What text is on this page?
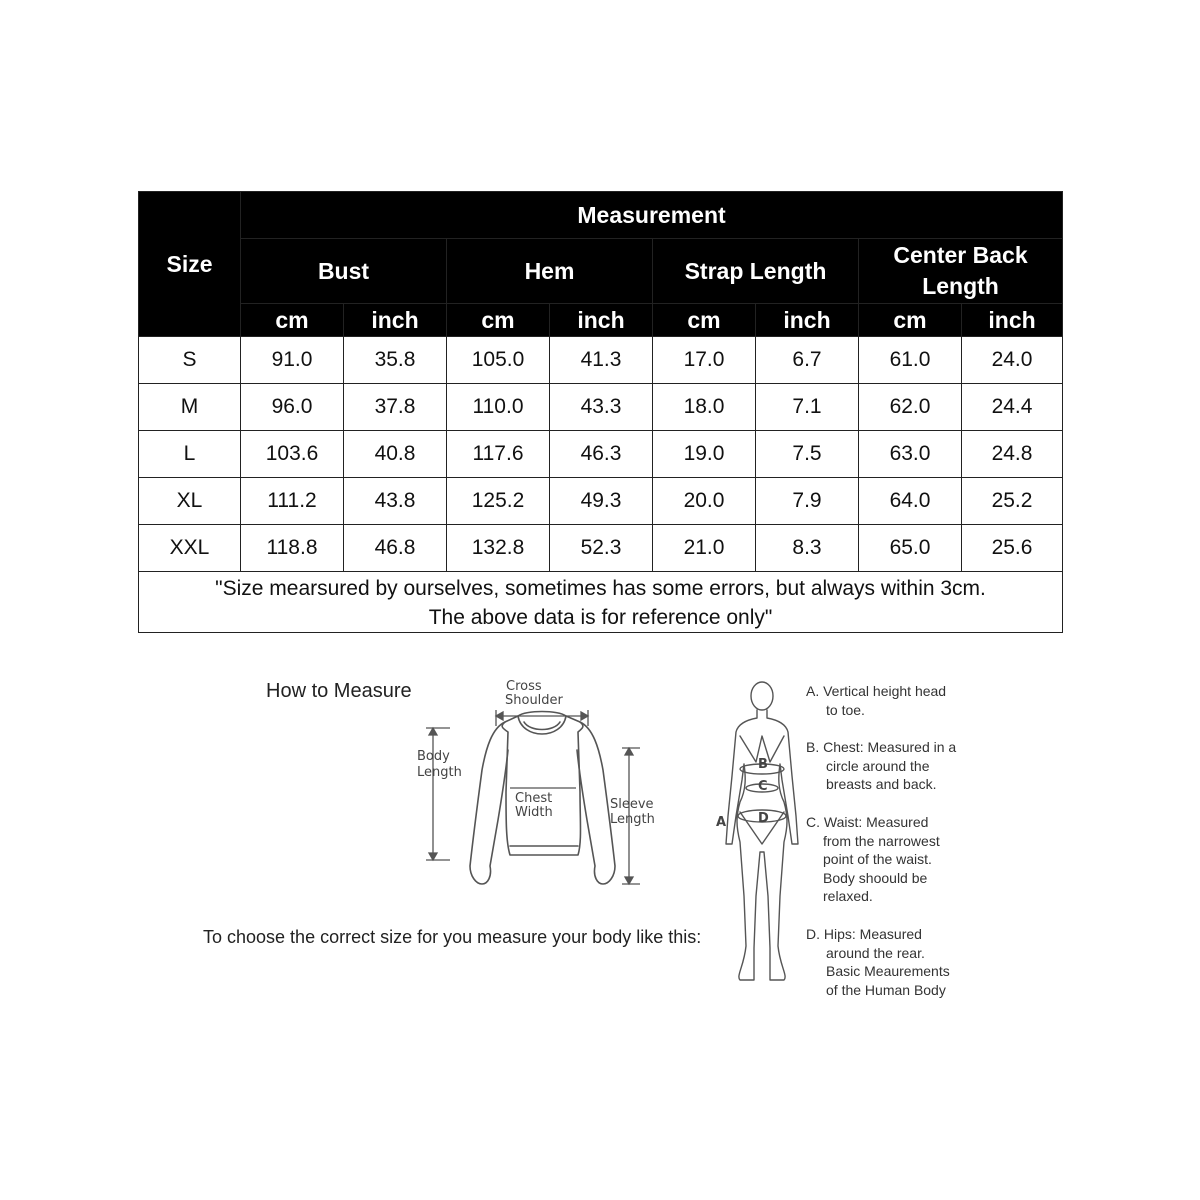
Size	Measurement							
	Bust		Hem		Strap Length		Center Back Length	
	cm	inch	cm	inch	cm	inch	cm	inch
S	91.0	35.8	105.0	41.3	17.0	6.7	61.0	24.0
M	96.0	37.8	110.0	43.3	18.0	7.1	62.0	24.4
L	103.6	40.8	117.6	46.3	19.0	7.5	63.0	24.8
XL	111.2	43.8	125.2	49.3	20.0	7.9	64.0	25.2
XXL	118.8	46.8	132.8	52.3	21.0	8.3	65.0	25.6

"Size mearsured by ourselves, sometimes has some errors, but always within 3cm.
The above data is for reference only"								
How to Measure
To choose the correct size for you measure your body like this:
Cross
Shoulder
Body
Length
Chest
Width
Sleeve
Length	A
B
C
D
A. Vertical height head
to toe.
B. Chest: Measured in a
circle around the
breasts and back.
C. Waist: Measured
from the narrowest
point of the waist.
Body shoould be
relaxed.
D. Hips: Measured
around the rear.
Basic Meaurements
of the Human Body
